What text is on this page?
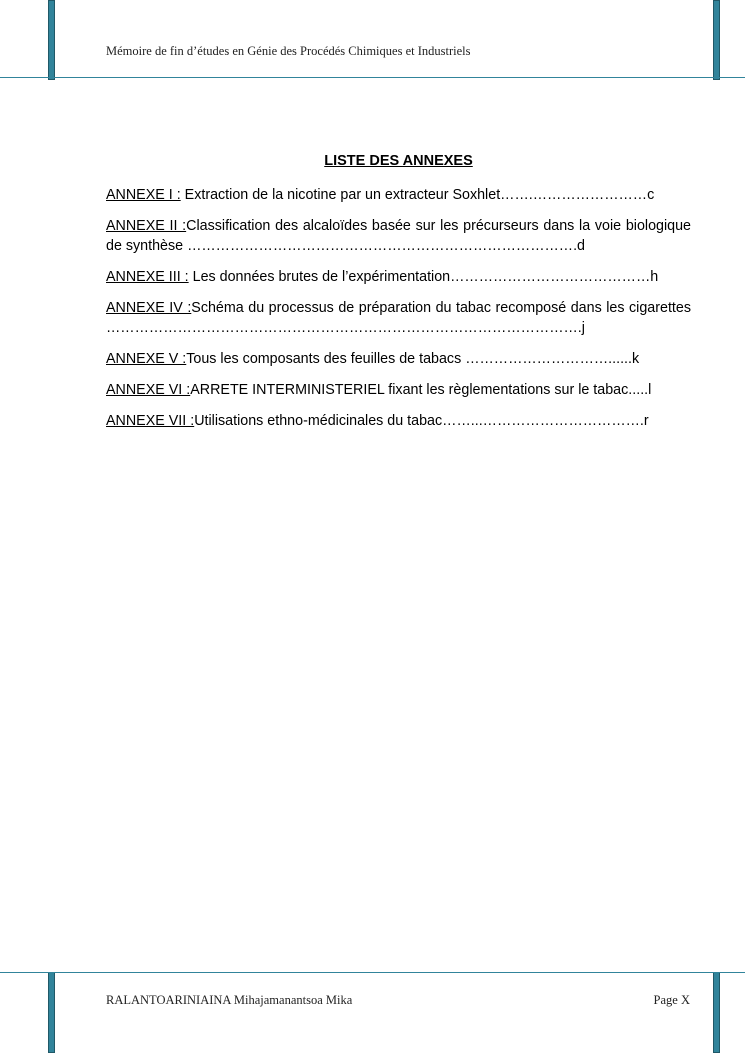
Mémoire de fin d’études en Génie des Procédés Chimiques et Industriels
LISTE DES ANNEXES

ANNEXE I : Extraction de la nicotine par un extracteur Soxhlet…….……………………c

ANNEXE II :Classification des alcaloïdes basée sur les précurseurs dans la voie biologique de synthèse ……………………………………………………………………….d

ANNEXE III : Les données brutes de l’expérimentation……………………………………h

ANNEXE IV :Schéma du processus de préparation du tabac recomposé dans les cigarettes ……………………………………………………………………………………….j

ANNEXE V :Tous les composants des feuilles de tabacs …………………………......k

ANNEXE VI :ARRETE INTERMINISTERIEL fixant les règlementations sur le tabac.....l

ANNEXE VII :Utilisations ethno-médicinales du tabac……...…………………………….r

RALANTOARINIAINA Mihajamanantsoa Mika	Page X
